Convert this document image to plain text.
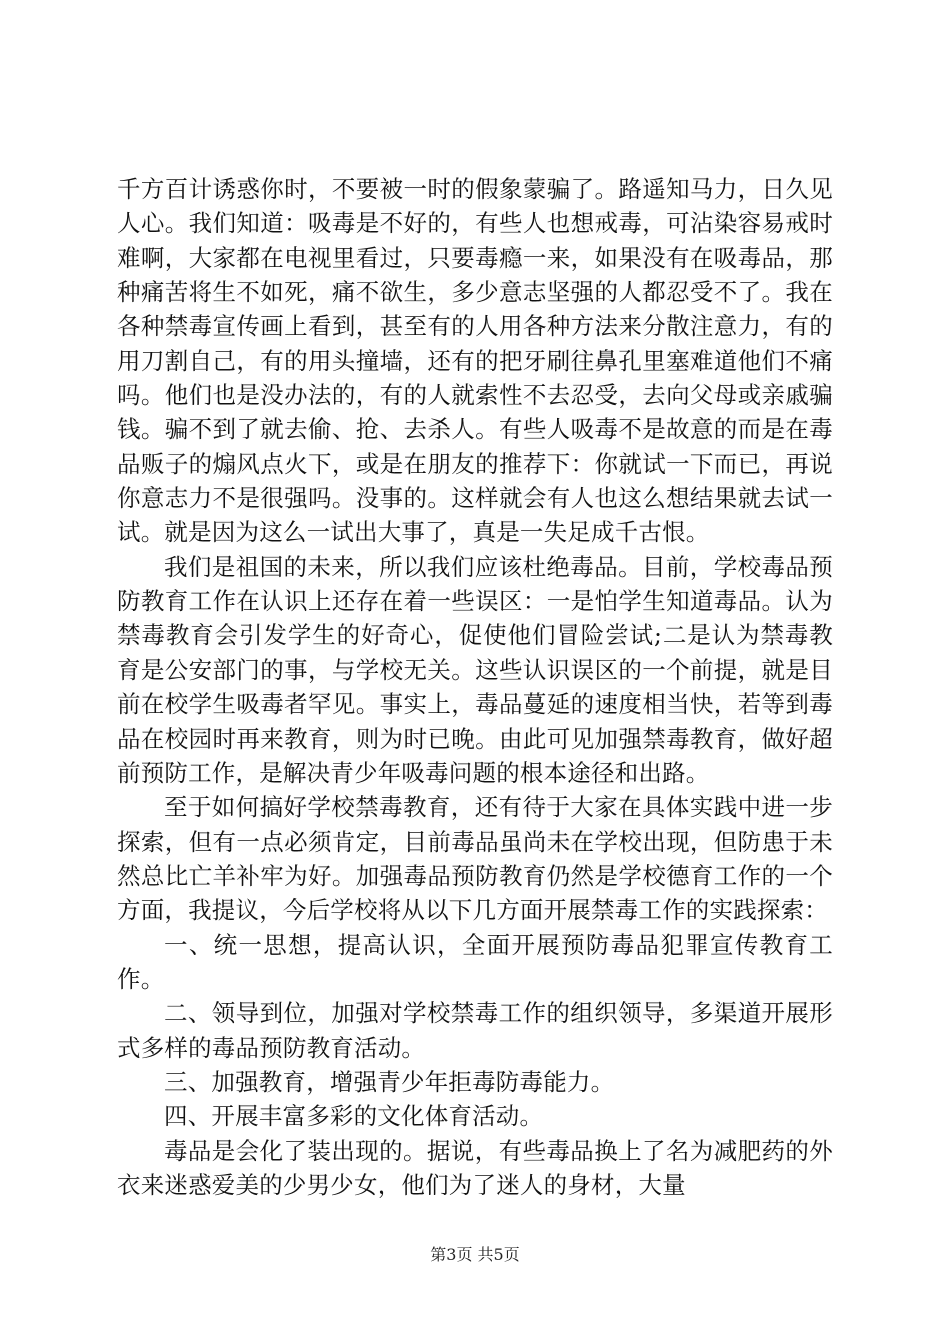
千方百计诱惑你时，不要被一时的假象蒙骗了。路遥知马力，日久见人心。我们知道：吸毒是不好的，有些人也想戒毒，可沾染容易戒时难啊，大家都在电视里看过，只要毒瘾一来，如果没有在吸毒品，那种痛苦将生不如死，痛不欲生，多少意志坚强的人都忍受不了。我在各种禁毒宣传画上看到，甚至有的人用各种方法来分散注意力，有的用刀割自己，有的用头撞墙，还有的把牙刷往鼻孔里塞难道他们不痛吗。他们也是没办法的，有的人就索性不去忍受，去向父母或亲戚骗钱。骗不到了就去偷、抢、去杀人。有些人吸毒不是故意的而是在毒品贩子的煽风点火下，或是在朋友的推荐下：你就试一下而已，再说你意志力不是很强吗。没事的。这样就会有人也这么想结果就去试一试。就是因为这么一试出大事了，真是一失足成千古恨。

我们是祖国的未来，所以我们应该杜绝毒品。目前，学校毒品预防教育工作在认识上还存在着一些误区：一是怕学生知道毒品。认为禁毒教育会引发学生的好奇心，促使他们冒险尝试;二是认为禁毒教育是公安部门的事，与学校无关。这些认识误区的一个前提，就是目前在校学生吸毒者罕见。事实上，毒品蔓延的速度相当快，若等到毒品在校园时再来教育，则为时已晚。由此可见加强禁毒教育，做好超前预防工作，是解决青少年吸毒问题的根本途径和出路。

至于如何搞好学校禁毒教育，还有待于大家在具体实践中进一步探索，但有一点必须肯定，目前毒品虽尚未在学校出现，但防患于未然总比亡羊补牢为好。加强毒品预防教育仍然是学校德育工作的一个方面，我提议，今后学校将从以下几方面开展禁毒工作的实践探索：

一、统一思想，提高认识，全面开展预防毒品犯罪宣传教育工作。

二、领导到位，加强对学校禁毒工作的组织领导，多渠道开展形式多样的毒品预防教育活动。

三、加强教育，增强青少年拒毒防毒能力。

四、开展丰富多彩的文化体育活动。

毒品是会化了装出现的。据说，有些毒品换上了名为减肥药的外衣来迷惑爱美的少男少女，他们为了迷人的身材，大量

第3页 共5页
